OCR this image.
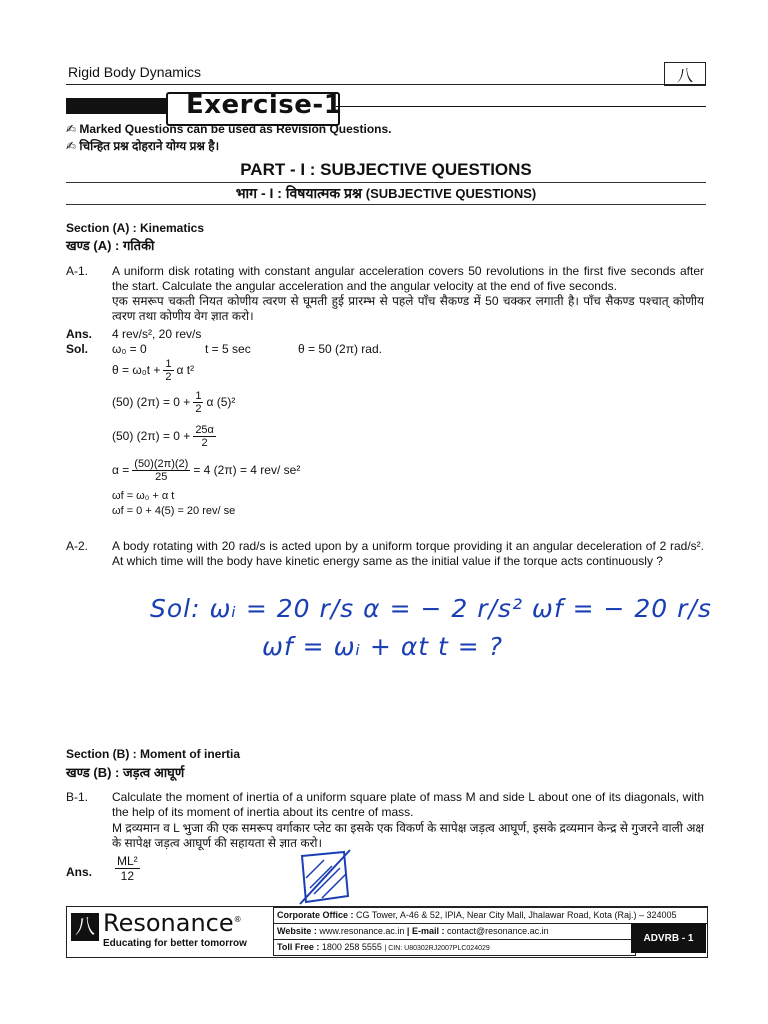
Rigid Body Dynamics	八
Exercise-1
✍ Marked Questions can be used as Revision Questions.
✍ चिन्हित प्रश्न दोहराने योग्य प्रश्न है।
PART - I : SUBJECTIVE QUESTIONS
भाग - I : विषयात्मक प्रश्न (SUBJECTIVE QUESTIONS)
Section (A) : Kinematics
खण्ड (A) : गतिकी
A-1. A uniform disk rotating with constant angular acceleration covers 50 revolutions in the first five seconds after the start. Calculate the angular acceleration and the angular velocity at the end of five seconds.
एक समरूप चकती नियत कोणीय त्वरण से घूमती हुई प्रारम्भ से पहले पाँच सैकण्ड में 50 चक्कर लगाती है। पाँच सैकण्ड पश्चात् कोणीय त्वरण तथा कोणीय वेग ज्ञात करो।
Ans. 4 rev/s², 20 rev/s
Sol. ω₀ = 0	t = 5 sec	θ = 50 (2π) rad.
$\theta = \omega_0t + \frac{1}{2}$ α t²
(50) $(2\pi) = 0 + \frac{1}{2}$ α (5)²
(50) $(2\pi) = 0 + \frac{25\alpha}{2}$
$\alpha = \frac{(50)(2\pi)(2)}{25} = 4$ (2π) = 4 rev/ se²
ωf = ω₀ + α t
ωf = 0 + 4(5) = 20 rev/ se
A-2. A body rotating with 20 rad/s is acted upon by a uniform torque providing it an angular deceleration of 2 rad/s². At which time will the body have kinetic energy same as the initial value if the torque acts continuously ?
Sol: ωᵢ = 20 r/s α = − 2 r/s² ωf = − 20 r/s
ωf = ωᵢ + αt t = ?
Section (B) : Moment of inertia
खण्ड (B) : जड़त्व आघूर्ण
B-1. Calculate the moment of inertia of a uniform square plate of mass M and side L about one of its diagonals, with the help of its moment of inertia about its centre of mass.
M द्रव्यमान व L भुजा की एक समरूप वर्गाकार प्लेट का इसके एक विकर्ण के सापेक्ष जड़त्व आघूर्ण, इसके द्रव्यमान केन्द्र से गुजरने वाली अक्ष के सापेक्ष जड़त्व आघूर्ण की सहायता से ज्ञात करो।
Ans. $\frac{\text{ML²}}{12}$
八 Resonance®
Educating for better tomorrow
Corporate Office : CG Tower, A-46 & 52, IPIA, Near City Mall, Jhalawar Road, Kota (Raj.) – 324005
Website : www.resonance.ac.in | E-mail : contact@resonance.ac.in
Toll Free : 1800 258 5555 | CIN: U80302RJ2007PLC024029
ADVRB - 1
